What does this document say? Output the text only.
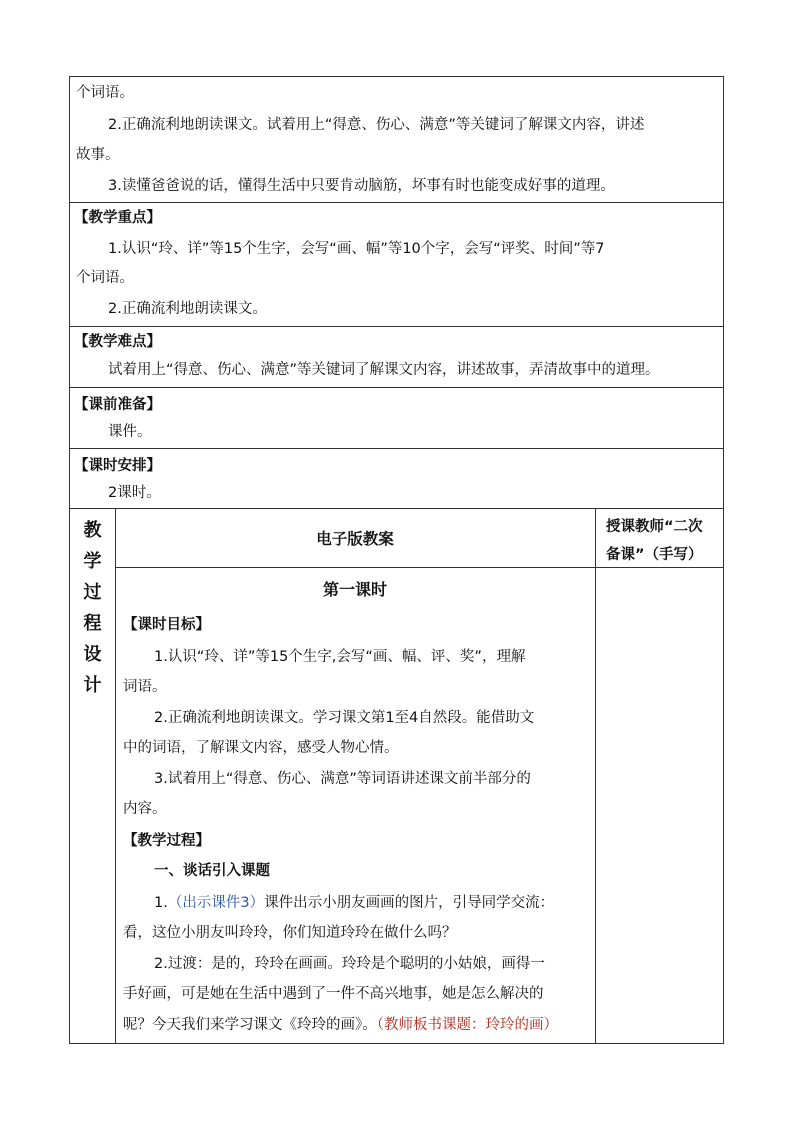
个词语。
2.正确流利地朗读课文。试着用上“得意、伤心、满意”等关键词了解课文内容，讲述
故事。
3.读懂爸爸说的话，懂得生活中只要肯动脑筋，坏事有时也能变成好事的道理。
【教学重点】
1.认识“玲、详”等15个生字，会写“画、幅”等10个字，会写“评奖、时间”等7
个词语。
2.正确流利地朗读课文。
【教学难点】
试着用上“得意、伤心、满意”等关键词了解课文内容，讲述故事，弄清故事中的道理。
【课前准备】
课件。
【课时安排】
2课时。
教
学
过
程
设
计
电子版教案
授课教师“二次
备课”（手写）
第一课时
【课时目标】
1.认识“玲、详”等15个生字,会写“画、幅、评、奖”，理解
词语。
2.正确流利地朗读课文。学习课文第1至4自然段。能借助文
中的词语，了解课文内容，感受人物心情。
3.试着用上“得意、伤心、满意”等词语讲述课文前半部分的
内容。
【教学过程】
一、谈话引入课题
1.（出示课件3）课件出示小朋友画画的图片，引导同学交流：
看，这位小朋友叫玲玲，你们知道玲玲在做什么吗？
2.过渡：是的，玲玲在画画。玲玲是个聪明的小姑娘，画得一
手好画，可是她在生活中遇到了一件不高兴地事，她是怎么解决的
呢？今天我们来学习课文《玲玲的画》。（教师板书课题：玲玲的画）
